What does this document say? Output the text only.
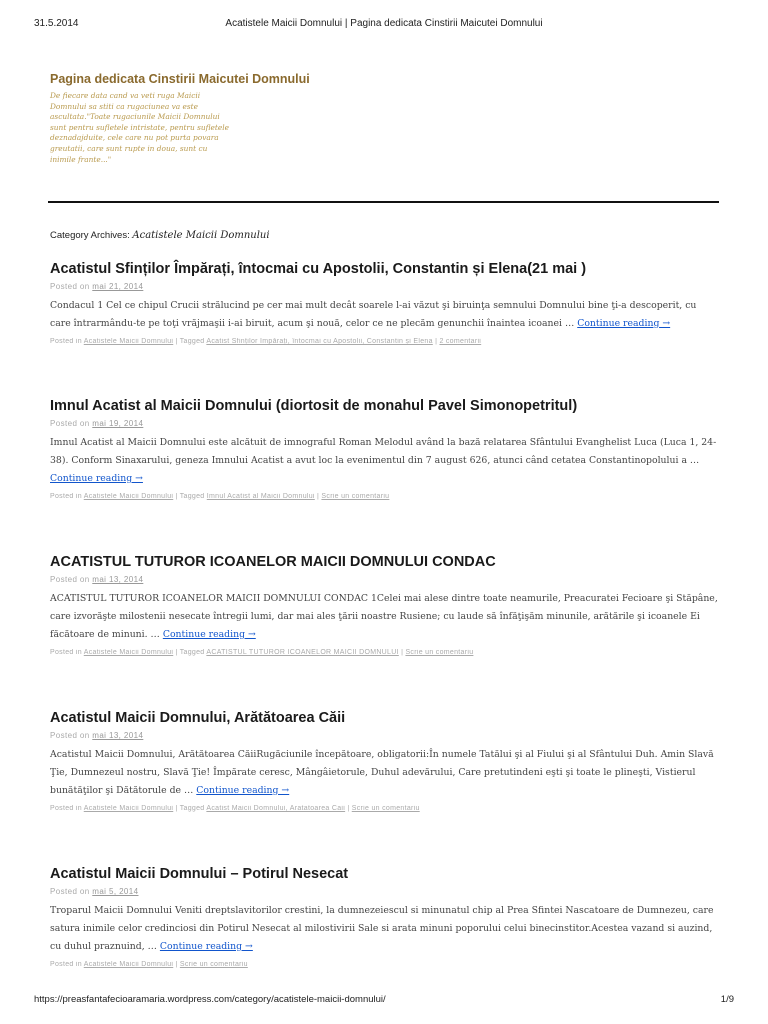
31.5.2014	Acatistele Maicii Domnului | Pagina dedicata Cinstirii Maicutei Domnului
Pagina dedicata Cinstirii Maicutei Domnului
De fiecare data cand va veti ruga Maicii Domnului sa stiti ca rugaciunea va este ascultata."Toate rugaciunile Maicii Domnului sunt pentru sufletele intristate, pentru sufletele deznadajduite, cele care nu pot purta povara greutatii, care sunt rupte in doua, sunt cu inimile frante..."
Category Archives: Acatistele Maicii Domnului
Acatistul Sfinților Împărați, întocmai cu Apostolii, Constantin și Elena(21 mai )
Posted on mai 21, 2014
Condacul 1 Cel ce chipul Crucii strălucind pe cer mai mult decât soarele l-ai văzut şi biruinţa semnului Domnului bine ţi-a descoperit, cu care întrarmându-te pe toţi vrăjmaşii i-ai biruit, acum şi nouă, celor ce ne plecăm genunchii înaintea icoanei … Continue reading →
Posted in Acatistele Maicii Domnului | Tagged Acatist Sfinților Împărați, întocmai cu Apostolii, Constantin și Elena | 2 comentarii
Imnul Acatist al Maicii Domnului (diortosit de monahul Pavel Simonopetritul)
Posted on mai 19, 2014
Imnul Acatist al Maicii Domnului este alcătuit de imnograful Roman Melodul având la bază relatarea Sfântului Evanghelist Luca (Luca 1, 24-38). Conform Sinaxarului, geneza Imnului Acatist a avut loc la evenimentul din 7 august 626, atunci când cetatea Constantinopolului a … Continue reading →
Posted in Acatistele Maicii Domnului | Tagged Imnul Acatist al Maicii Domnului | Scrie un comentariu
ACATISTUL TUTUROR ICOANELOR MAICII DOMNULUI CONDAC
Posted on mai 13, 2014
ACATISTUL TUTUROR ICOANELOR MAICII DOMNULUI CONDAC 1Celei mai alese dintre toate neamurile, Preacuratei Fecioare şi Stăpâne, care izvorăşte milostenii nesecate întregii lumi, dar mai ales ţării noastre Rusiene; cu laude să înfăţişăm minunile, arătările şi icoanele Ei făcătoare de minuni. … Continue reading →
Posted in Acatistele Maicii Domnului | Tagged ACATISTUL TUTUROR ICOANELOR MAICII DOMNULUI | Scrie un comentariu
Acatistul Maicii Domnului, Arătătoarea Căii
Posted on mai 13, 2014
Acatistul Maicii Domnului, Arătătoarea CăiiRugăciunile începătoare, obligatorii:În numele Tatălui şi al Fiului şi al Sfântului Duh. Amin Slavă Ţie, Dumnezeul nostru, Slavă Ţie! Împărate ceresc, Mângâietorule, Duhul adevărului, Care pretutindeni eşti şi toate le plineşti, Vistierul bunătăţilor şi Dătătorule de … Continue reading →
Posted in Acatistele Maicii Domnului | Tagged Acatist Maicii Domnului, Aratatoarea Caii | Scrie un comentariu
Acatistul Maicii Domnului – Potirul Nesecat
Posted on mai 5, 2014
Troparul Maicii Domnului Veniti dreptslavitorilor crestini, la dumnezeiescul si minunatul chip al Prea Sfintei Nascatoare de Dumnezeu, care satura inimile celor credinciosi din Potirul Nesecat al milostivirii Sale si arata minuni poporului celui binecinstitor.Acestea vazand si auzind, cu duhul praznuind, … Continue reading →
Posted in Acatistele Maicii Domnului | Scrie un comentariu
https://preasfantafecioaramaria.wordpress.com/category/acatistele-maicii-domnului/	1/9
